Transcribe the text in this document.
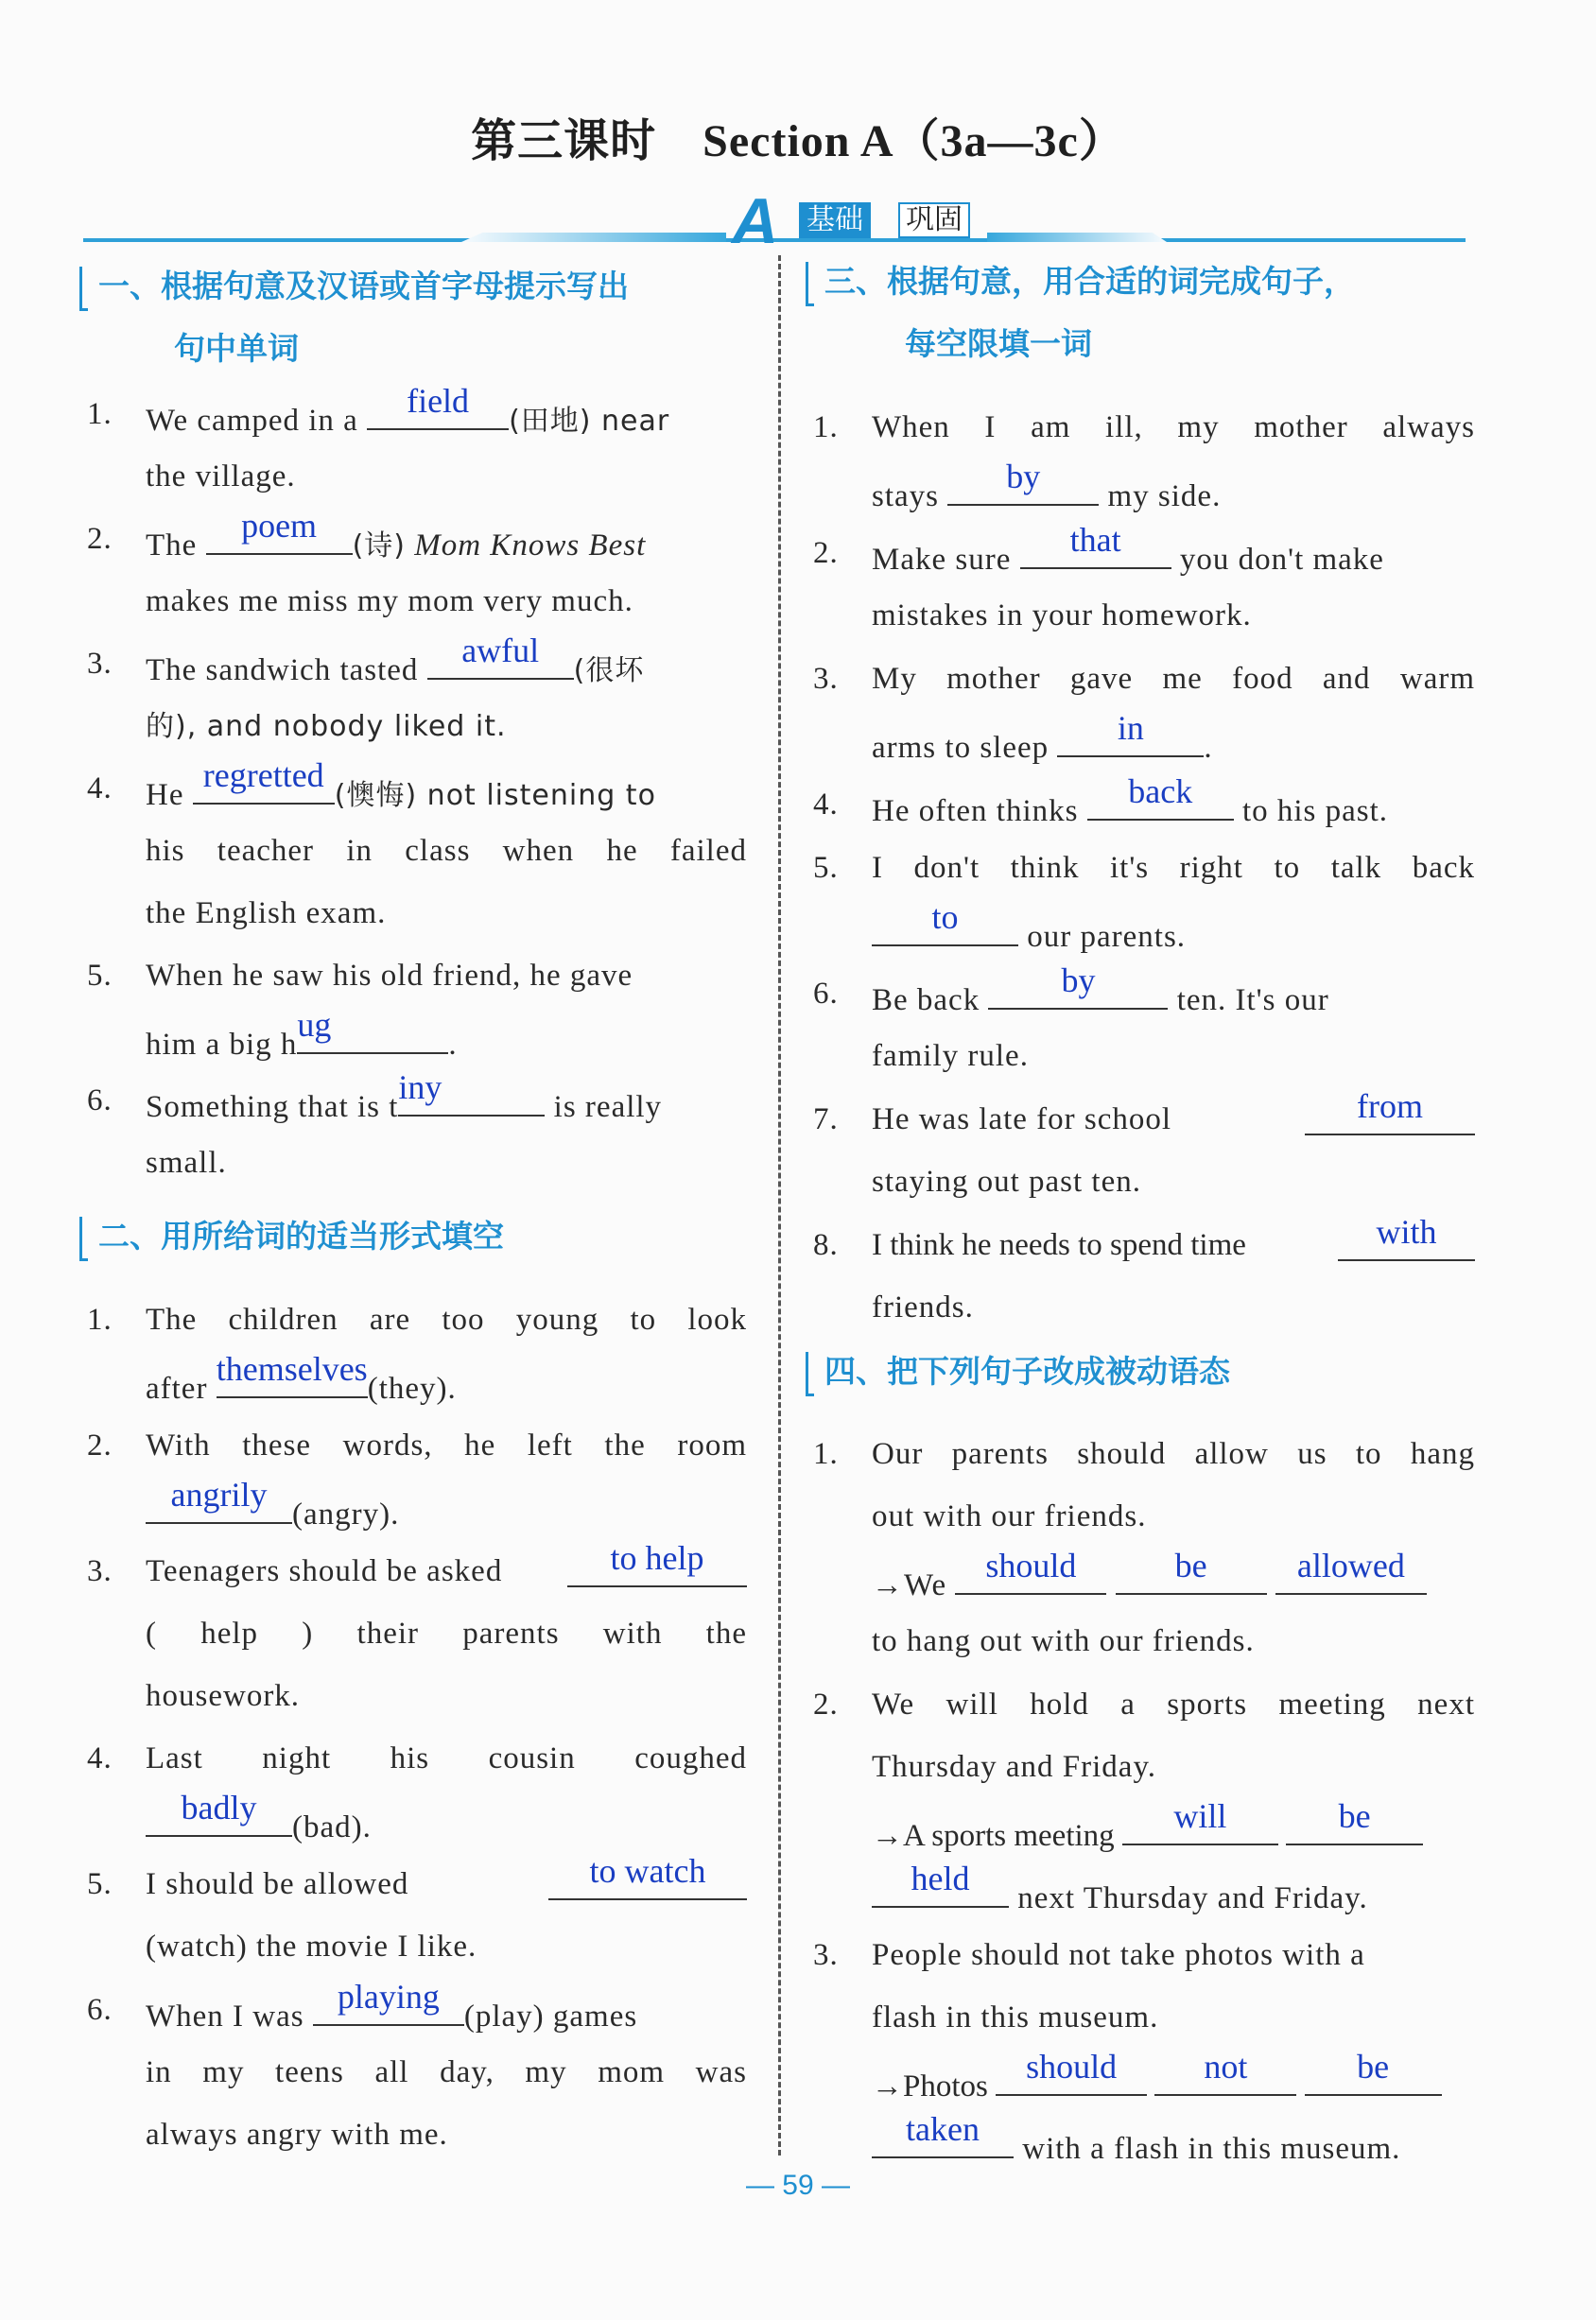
第三课时　Section A（3a—3c）
A 基础 巩固
一、根据句意及汉语或首字母提示写出
句中单词
1. We camped in a
field
(田地) near
the village.
2. The
poem
(诗) Mom Knows Best
makes me miss my mom very much.
3. The sandwich tasted
awful
(很坏
的), and nobody liked it.
4. He
regretted
(懊悔) not listening to
his teacher in class when he failed
the English exam.
5. When he saw his old friend, he gave
him a big h
ug
.
6. Something that is t
iny
is really
small.
二、用所给词的适当形式填空
1. The children are too young to look
after
themselves
(they).
2. With these words, he left the room
angrily
(angry).
3. Teenagers should be asked	to help
( help ) their parents with the
housework.
4. Last night his cousin coughed
badly
(bad).
5. I should be allowed	to watch
(watch) the movie I like.
6. When I was
playing
(play) games
in my teens all day, my mom was
always angry with me.
三、根据句意，用合适的词完成句子，
每空限填一词
1. When I am ill, my mother always
stays
by
my side.
2. Make sure
that
you don't make
mistakes in your homework.
3. My mother gave me food and warm
arms to sleep
in
.
4. He often thinks
back
to his past.
5. I don't think it's right to talk back
to
our parents.
6. Be back
by
ten. It's our
family rule.
7. He was late for school	from
staying out past ten.
8. I think he needs to spend time	with
friends.
四、把下列句子改成被动语态
1. Our parents should allow us to hang
out with our friends.
→We
should
	be
	allowed
to hang out with our friends.
2. We will hold a sports meeting next
Thursday and Friday.
→A sports meeting
will
	be
held
next Thursday and Friday.
3. People should not take photos with a
flash in this museum.
→Photos
should
	not
	be
taken
with a flash in this museum.
— 59 —
